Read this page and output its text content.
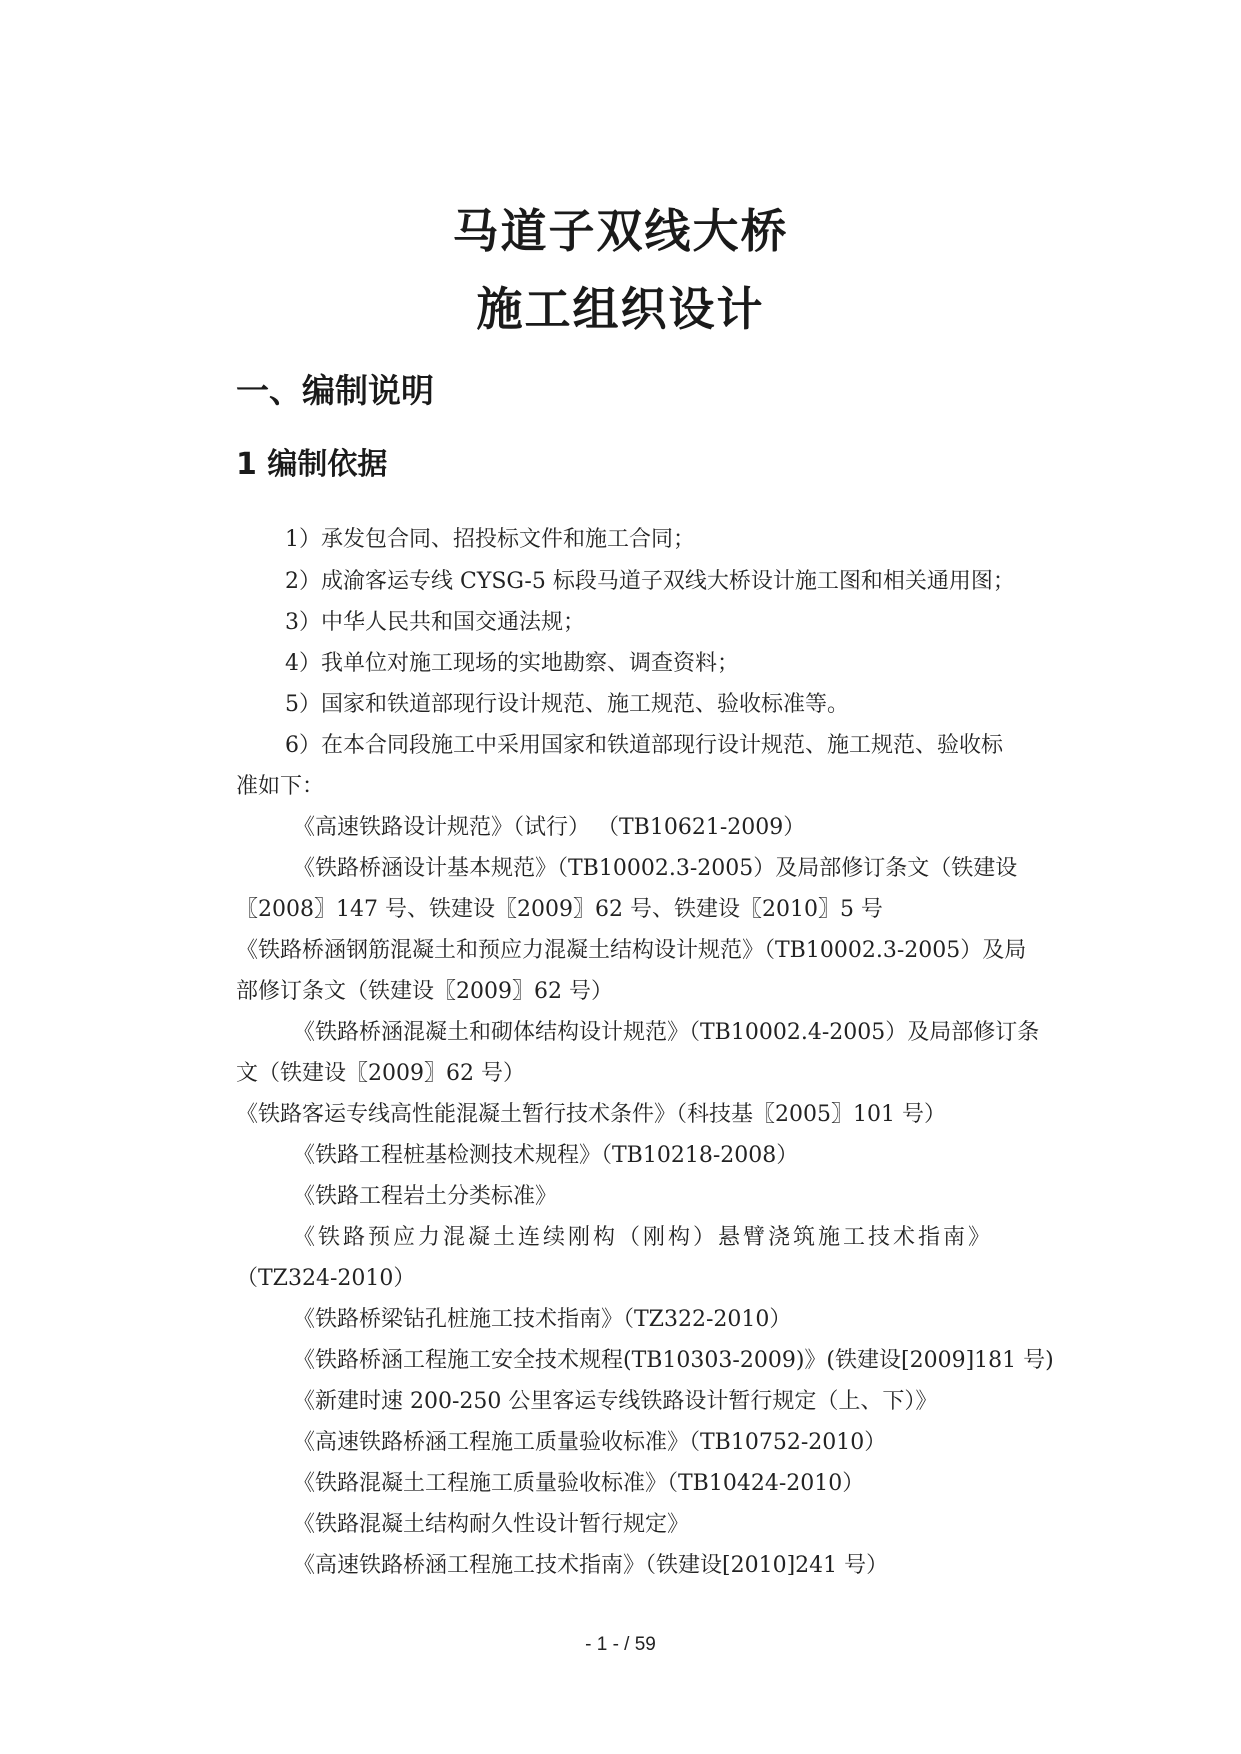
马道子双线大桥
施工组织设计
一、编制说明
1 编制依据
1）承发包合同、招投标文件和施工合同；
2）成渝客运专线 CYSG-5 标段马道子双线大桥设计施工图和相关通用图；
3）中华人民共和国交通法规；
4）我单位对施工现场的实地勘察、调查资料；
5）国家和铁道部现行设计规范、施工规范、验收标准等。
6）在本合同段施工中采用国家和铁道部现行设计规范、施工规范、验收标
准如下：
《高速铁路设计规范》（试行） （TB10621-2009）
《铁路桥涵设计基本规范》（TB10002.3-2005）及局部修订条文（铁建设
〖2008〗147 号、铁建设〖2009〗62 号、铁建设〖2010〗5 号
《铁路桥涵钢筋混凝土和预应力混凝土结构设计规范》（TB10002.3-2005）及局
部修订条文（铁建设〖2009〗62 号）
《铁路桥涵混凝土和砌体结构设计规范》（TB10002.4-2005）及局部修订条
文（铁建设〖2009〗62 号）
《铁路客运专线高性能混凝土暂行技术条件》（科技基〖2005〗101 号）
《铁路工程桩基检测技术规程》（TB10218-2008）
《铁路工程岩土分类标准》
《铁路预应力混凝土连续刚构（刚构）悬臂浇筑施工技术指南》
（TZ324-2010）
《铁路桥梁钻孔桩施工技术指南》（TZ322-2010）
《铁路桥涵工程施工安全技术规程(TB10303-2009)》(铁建设[2009]181 号)
《新建时速 200-250 公里客运专线铁路设计暂行规定（上、下）》
《高速铁路桥涵工程施工质量验收标准》（TB10752-2010）
《铁路混凝土工程施工质量验收标准》（TB10424-2010）
《铁路混凝土结构耐久性设计暂行规定》
《高速铁路桥涵工程施工技术指南》（铁建设[2010]241 号）
- 1 - / 59
